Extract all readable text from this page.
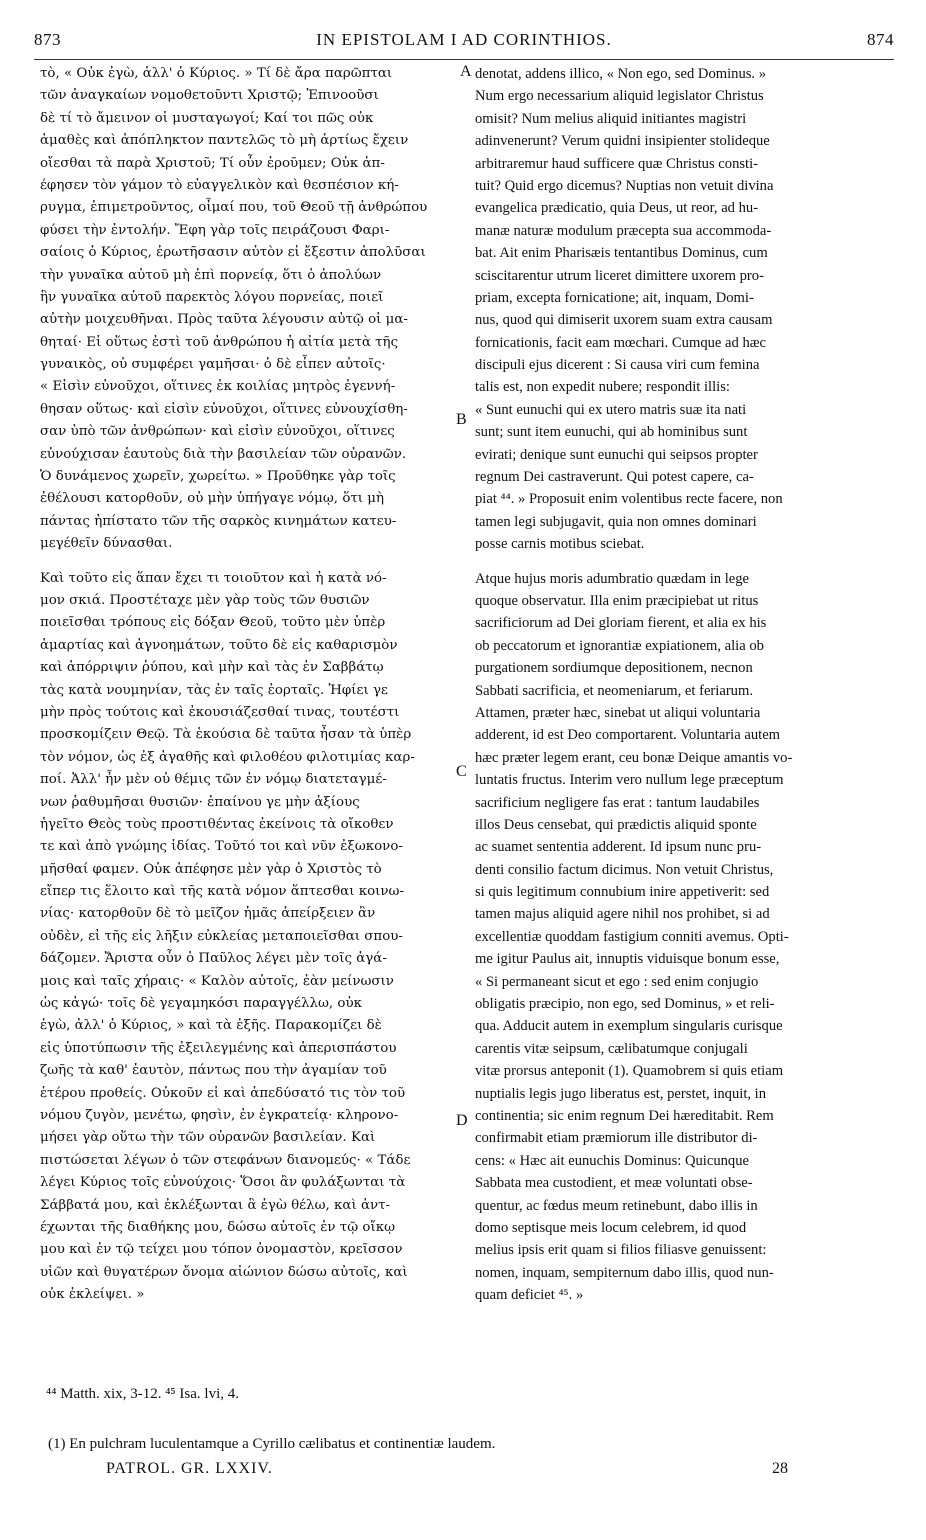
873	IN EPISTOLAM I AD CORINTHIOS.	874
τὸ, « Οὐκ ἐγὼ, ἀλλ' ὁ Κύριος. » Τί δὲ ἄρα παρῶπται
τῶν ἀναγκαίων νομοθετοῦντι Χριστῷ; Ἐπινοοῦσι
δὲ τί τὸ ἄμεινον οἱ μυσταγωγοί; Καί τοι πῶς οὐκ
ἀμαθὲς καὶ ἀπόπληκτον παντελῶς τὸ μὴ ἀρτίως ἔχειν
οἴεσθαι τὰ παρὰ Χριστοῦ; Τί οὖν ἐροῦμεν; Οὐκ ἀπ-
έφησεν τὸν γάμον τὸ εὐαγγελικὸν καὶ θεσπέσιον κή-
ρυγμα, ἐπιμετροῦντος, οἶμαί που, τοῦ Θεοῦ τῇ ἀνθρώπου
φύσει τὴν ἐντολήν. Ἔφη γὰρ τοῖς πειράζουσι Φαρι-
σαίοις ὁ Κύριος, ἐρωτῆσασιν αὐτὸν εἰ ἔξεστιν ἀπολῦσαι
τὴν γυναῖκα αὐτοῦ μὴ ἐπὶ πορνείᾳ, ὅτι ὁ ἀπολύων
ἣν γυναῖκα αὐτοῦ παρεκτὸς λόγου πορνείας, ποιεῖ
αὐτὴν μοιχευθῆναι. Πρὸς ταῦτα λέγουσιν αὐτῷ οἱ μα-
θηταί· Εἰ οὕτως ἐστὶ τοῦ ἀνθρώπου ἡ αἰτία μετὰ τῆς
γυναικὸς, οὐ συμφέρει γαμῆσαι· ὁ δὲ εἶπεν αὐτοῖς·
« Εἰσὶν εὐνοῦχοι, οἵτινες ἐκ κοιλίας μητρὸς ἐγεννή-
θησαν οὕτως· καὶ εἰσὶν εὐνοῦχοι, οἵτινες εὐνουχίσθη-
σαν ὑπὸ τῶν ἀνθρώπων· καὶ εἰσὶν εὐνοῦχοι, οἵτινες
εὐνούχισαν ἑαυτοὺς διὰ τὴν βασιλείαν τῶν οὐρανῶν.
Ὁ δυνάμενος χωρεῖν, χωρείτω. » Προῦθηκε γὰρ τοῖς
ἐθέλουσι κατορθοῦν, οὐ μὴν ὑπήγαγε νόμῳ, ὅτι μὴ
πάντας ἠπίστατο τῶν τῆς σαρκὸς κινημάτων κατευ-
μεγέθεῖν δύνασθαι.
Καὶ τοῦτο εἰς ἅπαν ἔχει τι τοιοῦτον καὶ ἡ κατὰ νό-
μον σκιά. Προστέταχε μὲν γὰρ τοὺς τῶν θυσιῶν
ποιεῖσθαι τρόπους εἰς δόξαν Θεοῦ, τοῦτο μὲν ὑπὲρ
ἁμαρτίας καὶ ἀγνοημάτων, τοῦτο δὲ εἰς καθαρισμὸν
καὶ ἀπόρριψιν ῥύπου, καὶ μὴν καὶ τὰς ἐν Σαββάτῳ
τὰς κατὰ νουμηνίαν, τὰς ἐν ταῖς ἑορταῖς. Ἠφίει γε
μὴν πρὸς τούτοις καὶ ἐκουσιάζεσθαί τινας, τουτέστι
προσκομίζειν Θεῷ. Τὰ ἑκούσια δὲ ταῦτα ἦσαν τὰ ὑπὲρ
τὸν νόμον, ὡς ἐξ ἀγαθῆς καὶ φιλοθέου φιλοτιμίας καρ-
ποί. Ἀλλ' ἦν μὲν οὐ θέμις τῶν ἐν νόμῳ διατεταγμέ-
νων ῥαθυμῆσαι θυσιῶν· ἐπαίνου γε μὴν ἀξίους
ἡγεῖτο Θεὸς τοὺς προστιθέντας ἐκείνοις τὰ οἴκοθεν
τε καὶ ἀπὸ γνώμης ἰδίας. Τοῦτό τοι καὶ νῦν ἐξωκονο-
μῆσθαί φαμεν. Οὐκ ἀπέφησε μὲν γὰρ ὁ Χριστὸς τὸ
εἴπερ τις ἕλοιτο καὶ τῆς κατὰ νόμον ἅπτεσθαι κοινω-
νίας· κατορθοῦν δὲ τὸ μεῖζον ἡμᾶς ἀπείρξειεν ἂν
οὐδὲν, εἰ τῆς εἰς λῆξιν εὐκλείας μεταποιεῖσθαι σπου-
δάζομεν. Ἄριστα οὖν ὁ Παῦλος λέγει μὲν τοῖς ἀγά-
μοις καὶ ταῖς χήραις· « Καλὸν αὐτοῖς, ἐὰν μείνωσιν
ὡς κἀγώ· τοῖς δὲ γεγαμηκόσι παραγγέλλω, οὐκ
ἐγὼ, ἀλλ' ὁ Κύριος, » καὶ τὰ ἑξῆς. Παρακομίζει δὲ
εἰς ὑποτύπωσιν τῆς ἐξειλεγμένης καὶ ἀπερισπάστου
ζωῆς τὰ καθ' ἑαυτὸν, πάντως που τὴν ἀγαμίαν τοῦ
ἑτέρου προθείς. Οὐκοῦν εἰ καὶ ἀπεδύσατό τις τὸν τοῦ
νόμου ζυγὸν, μενέτω, φησὶν, ἐν ἐγκρατείᾳ· κληρονο-
μήσει γὰρ οὕτω τὴν τῶν οὐρανῶν βασιλείαν. Καὶ
πιστώσεται λέγων ὁ τῶν στεφάνων διανομεύς· « Τάδε
λέγει Κύριος τοῖς εὐνούχοις· Ὅσοι ἂν φυλάξωνται τὰ
Σάββατά μου, καὶ ἐκλέξωνται ἃ ἐγὼ θέλω, καὶ ἀντ-
έχωνται τῆς διαθήκης μου, δώσω αὐτοῖς ἐν τῷ οἴκῳ
μου καὶ ἐν τῷ τείχει μου τόπον ὀνομαστὸν, κρεῖσσον
υἱῶν καὶ θυγατέρων ὄνομα αἰώνιον δώσω αὐτοῖς, καὶ
οὐκ ἐκλείψει. »
denotat, addens illico, « Non ego, sed Dominus. »
Num ergo necessarium aliquid legislator Christus
omisit? Num melius aliquid initiantes magistri
adinvenerunt? Verum quidni insipienter stolideque
arbitraremur haud sufficere quæ Christus consti-
tuit? Quid ergo dicemus? Nuptias non vetuit divina
evangelica prædicatio, quia Deus, ut reor, ad hu-
manæ naturæ modulum præcepta sua accommoda-
bat. Ait enim Pharisæis tentantibus Dominus, cum
sciscitarentur utrum liceret dimittere uxorem pro-
priam, excepta fornicatione; ait, inquam, Domi-
nus, quod qui dimiserit uxorem suam extra causam
fornicationis, facit eam mœchari. Cumque ad hæc
discipuli ejus dicerent : Si causa viri cum femina
talis est, non expedit nubere; respondit illis:
« Sunt eunuchi qui ex utero matris suæ ita nati
sunt; sunt item eunuchi, qui ab hominibus sunt
evirati; denique sunt eunuchi qui seipsos propter
regnum Dei castraverunt. Qui potest capere, ca-
piat ⁴⁴. » Proposuit enim volentibus recte facere, non
tamen legi subjugavit, quia non omnes dominari
posse carnis motibus sciebat.
Atque hujus moris adumbratio quædam in lege
quoque observatur. Illa enim præcipiebat ut ritus
sacrificiorum ad Dei gloriam fierent, et alia ex his
ob peccatorum et ignorantiæ expiationem, alia ob
purgationem sordiumque depositionem, necnon
Sabbati sacrificia, et neomeniarum, et feriarum.
Attamen, præter hæc, sinebat ut aliqui voluntaria
adderent, id est Deo comportarent. Voluntaria autem
hæc præter legem erant, ceu bonæ Deique amantis vo-
luntatis fructus. Interim vero nullum lege præceptum
sacrificium negligere fas erat : tantum laudabiles
illos Deus censebat, qui prædictis aliquid sponte
ac suamet sententia adderent. Id ipsum nunc pru-
denti consilio factum dicimus. Non vetuit Christus,
si quis legitimum connubium inire appetiverit: sed
tamen majus aliquid agere nihil nos prohibet, si ad
excellentiæ quoddam fastigium conniti avemus. Opti-
me igitur Paulus ait, innuptis viduisque bonum esse,
« Si permaneant sicut et ego : sed enim conjugio
obligatis præcipio, non ego, sed Dominus, » et reli-
qua. Adducit autem in exemplum singularis curisque
carentis vitæ seipsum, cælibatumque conjugali
vitæ prorsus anteponit (1). Quamobrem si quis etiam
nuptialis legis jugo liberatus est, perstet, inquit, in
continentia; sic enim regnum Dei hæreditabit. Rem
confirmabit etiam præmiorum ille distributor di-
cens: « Hæc ait eunuchis Dominus: Quicunque
Sabbata mea custodient, et meæ voluntati obse-
quentur, ac fœdus meum retinebunt, dabo illis in
domo septisque meis locum celebrem, id quod
melius ipsis erit quam si filios filiasve genuissent:
nomen, inquam, sempiternum dabo illis, quod nun-
quam deficiet ⁴⁵. »
A
B
C
D
⁴⁴ Matth. xix, 3-12. ⁴⁵ Isa. lvi, 4.
(1) En pulchram luculentamque a Cyrillo cælibatus et continentiæ laudem.
PATROL. GR. LXXIV.	28
